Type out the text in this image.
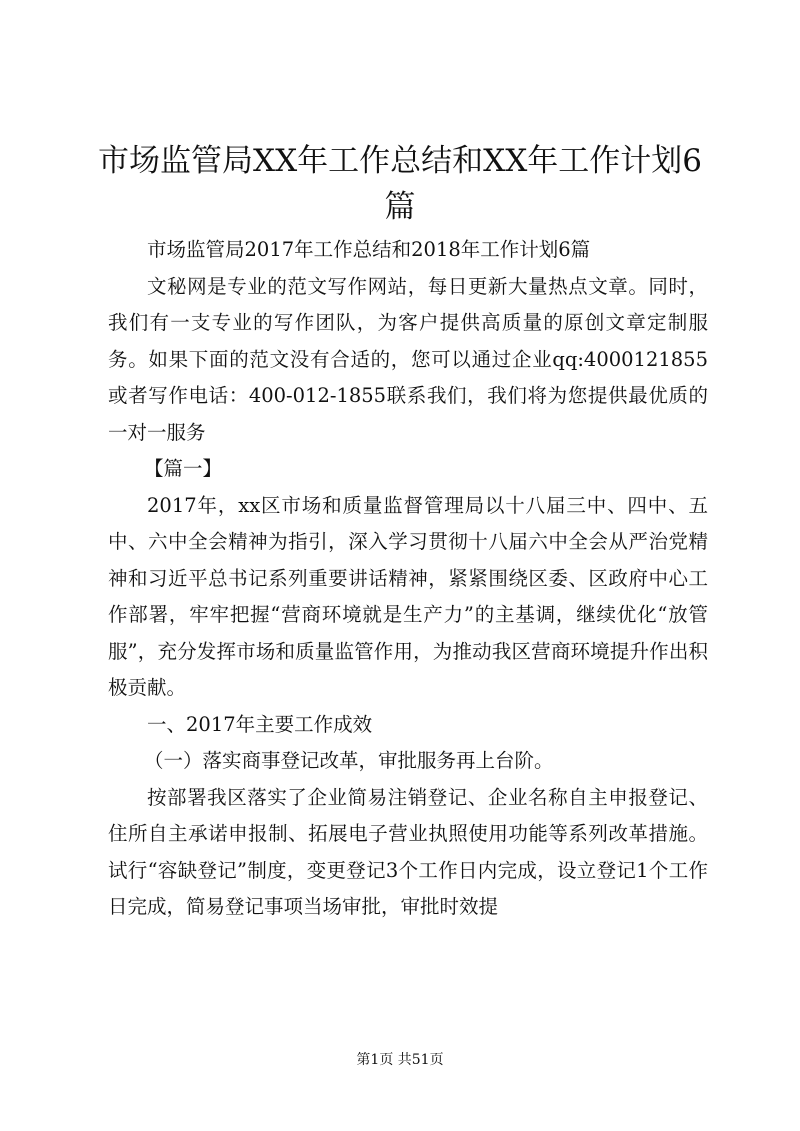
市场监管局XX年工作总结和XX年工作计划6篇

市场监管局2017年工作总结和2018年工作计划6篇

文秘网是专业的范文写作网站，每日更新大量热点文章。同时，我们有一支专业的写作团队，为客户提供高质量的原创文章定制服务。如果下面的范文没有合适的，您可以通过企业qq:4000121855或者写作电话：400-012-1855联系我们，我们将为您提供最优质的一对一服务

【篇一】

2017年，xx区市场和质量监督管理局以十八届三中、四中、五中、六中全会精神为指引，深入学习贯彻十八届六中全会从严治党精神和习近平总书记系列重要讲话精神，紧紧围绕区委、区政府中心工作部署，牢牢把握“营商环境就是生产力”的主基调，继续优化“放管服”，充分发挥市场和质量监管作用，为推动我区营商环境提升作出积极贡献。

一、2017年主要工作成效

（一）落实商事登记改革，审批服务再上台阶。

按部署我区落实了企业简易注销登记、企业名称自主申报登记、住所自主承诺申报制、拓展电子营业执照使用功能等系列改革措施。试行“容缺登记”制度，变更登记3个工作日内完成，设立登记1个工作日完成，简易登记事项当场审批，审批时效提

第1页 共51页
